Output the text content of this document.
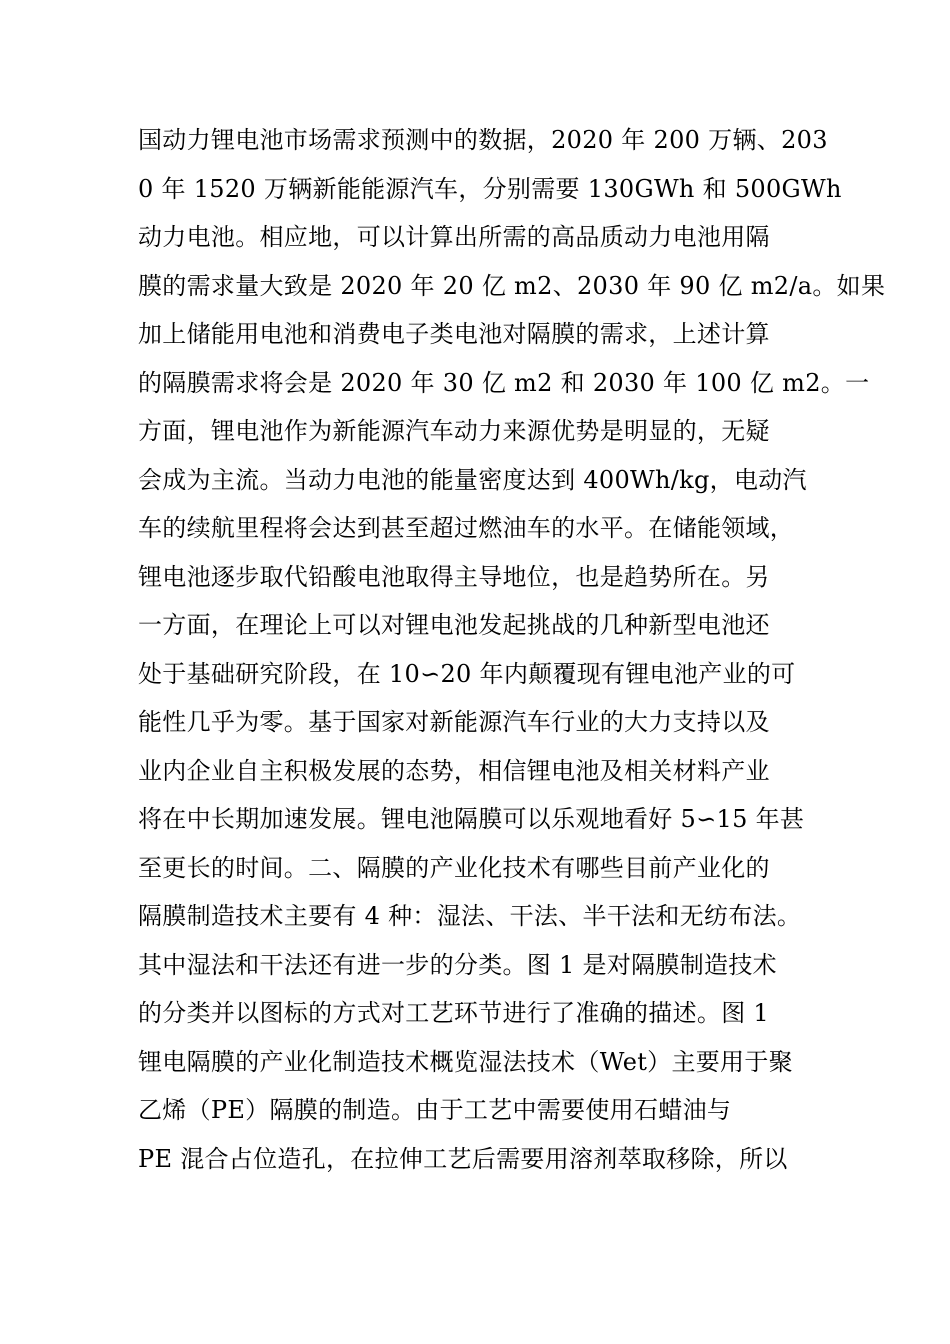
国动力锂电池市场需求预测中的数据，2020 年 200 万辆、203
0 年 1520 万辆新能能源汽车，分别需要 130GWh 和 500GWh
动力电池。相应地，可以计算出所需的高品质动力电池用隔
膜的需求量大致是 2020 年 20 亿 m2、2030 年 90 亿 m2/a。如果
加上储能用电池和消费电子类电池对隔膜的需求，上述计算
的隔膜需求将会是 2020 年 30 亿 m2 和 2030 年 100 亿 m2。一
方面，锂电池作为新能源汽车动力来源优势是明显的，无疑
会成为主流。当动力电池的能量密度达到 400Wh/kg，电动汽
车的续航里程将会达到甚至超过燃油车的水平。在储能领域，
锂电池逐步取代铅酸电池取得主导地位，也是趋势所在。另
一方面，在理论上可以对锂电池发起挑战的几种新型电池还
处于基础研究阶段，在 10∽20 年内颠覆现有锂电池产业的可
能性几乎为零。基于国家对新能源汽车行业的大力支持以及
业内企业自主积极发展的态势，相信锂电池及相关材料产业
将在中长期加速发展。锂电池隔膜可以乐观地看好 5∽15 年甚
至更长的时间。二、隔膜的产业化技术有哪些目前产业化的
隔膜制造技术主要有 4 种：湿法、干法、半干法和无纺布法。
其中湿法和干法还有进一步的分类。图 1 是对隔膜制造技术
的分类并以图标的方式对工艺环节进行了准确的描述。图 1
锂电隔膜的产业化制造技术概览湿法技术（Wet）主要用于聚
乙烯（PE）隔膜的制造。由于工艺中需要使用石蜡油与
PE 混合占位造孔，在拉伸工艺后需要用溶剂萃取移除，所以
